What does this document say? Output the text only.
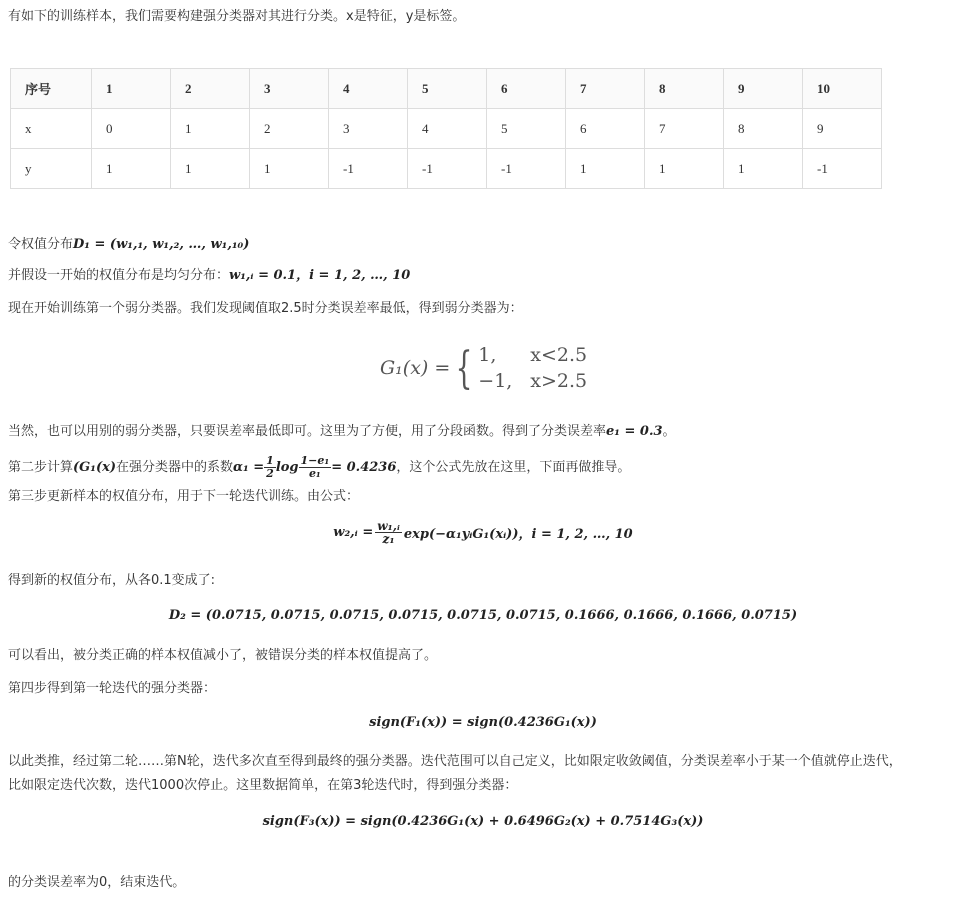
有如下的训练样本，我们需要构建强分类器对其进行分类。x是特征，y是标签。
序号	1	2	3	4	5	6	7	8	9	10
x	0	1	2	3	4	5	6	7	8	9
y	1	1	1	-1	-1	-1	1	1	1	-1
令权值分布D₁ = (w₁,₁, w₁,₂, …, w₁,₁₀)
并假设一开始的权值分布是均匀分布：w₁,ᵢ = 0.1，i = 1, 2, …, 10
现在开始训练第一个弱分类器。我们发现阈值取2.5时分类误差率最低，得到弱分类器为：
G₁(x) = { 1,	x<2.5
−1, x>2.5
当然，也可以用别的弱分类器，只要误差率最低即可。这里为了方便，用了分段函数。得到了分类误差率e₁ = 0.3。
第二步计算 (G₁(x) 在强分类器中的系数 $\alpha_1 = \frac{1}{2}$ $\log \frac{\text{1−e₁}}{\text{e₁}} = 0.4236$ ，这个公式先放在这里，下面再做推导。
第三步更新样本的权值分布，用于下一轮迭代训练。由公式：
w₂,ᵢ = $\frac{\text{w₁,ᵢ}}{\text{z₁}}$ exp(−α₁yᵢG₁(xᵢ))，i = 1, 2, …, 10
得到新的权值分布，从各0.1变成了:
D₂ = (0.0715, 0.0715, 0.0715, 0.0715, 0.0715, 0.0715, 0.1666, 0.1666, 0.1666, 0.0715)
可以看出，被分类正确的样本权值减小了，被错误分类的样本权值提高了。
第四步得到第一轮迭代的强分类器：
sign(F₁(x)) = sign(0.4236G₁(x))
以此类推，经过第二轮……第N轮，迭代多次直至得到最终的强分类器。迭代范围可以自己定义，比如限定收敛阈值，分类误差率小于某一个值就停止迭代，
比如限定迭代次数，迭代1000次停止。这里数据简单，在第3轮迭代时，得到强分类器：
sign(F₃(x)) = sign(0.4236G₁(x) + 0.6496G₂(x) + 0.7514G₃(x))
的分类误差率为0，结束迭代。
